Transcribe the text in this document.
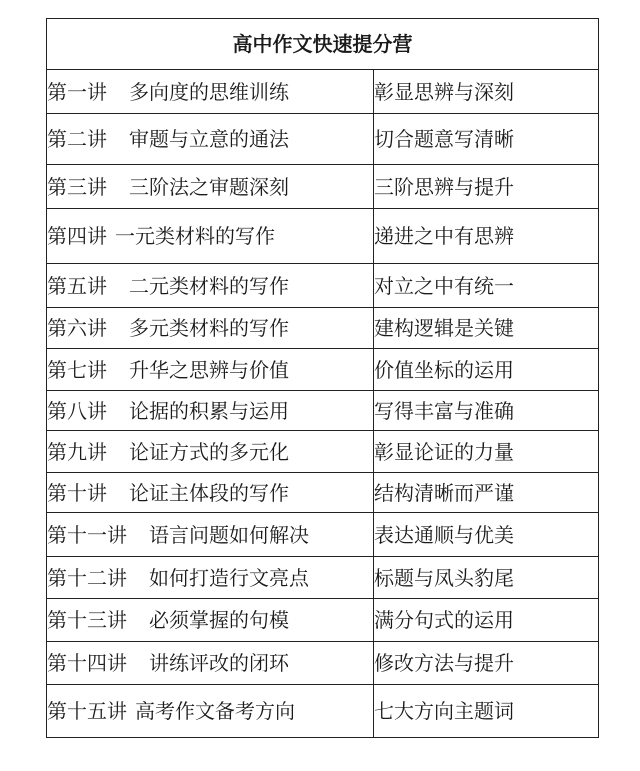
高中作文快速提分营	
第一讲 多向度的思维训练	彰显思辨与深刻
第二讲 审题与立意的通法	切合题意写清晰
第三讲 三阶法之审题深刻	三阶思辨与提升
第四讲 一元类材料的写作	递进之中有思辨
第五讲 二元类材料的写作	对立之中有统一
第六讲 多元类材料的写作	建构逻辑是关键
第七讲 升华之思辨与价值	价值坐标的运用
第八讲 论据的积累与运用	写得丰富与准确
第九讲 论证方式的多元化	彰显论证的力量
第十讲 论证主体段的写作	结构清晰而严谨
第十一讲 语言问题如何解决	表达通顺与优美
第十二讲 如何打造行文亮点	标题与凤头豹尾
第十三讲 必须掌握的句模	满分句式的运用
第十四讲 讲练评改的闭环	修改方法与提升
第十五讲 高考作文备考方向	七大方向主题词
